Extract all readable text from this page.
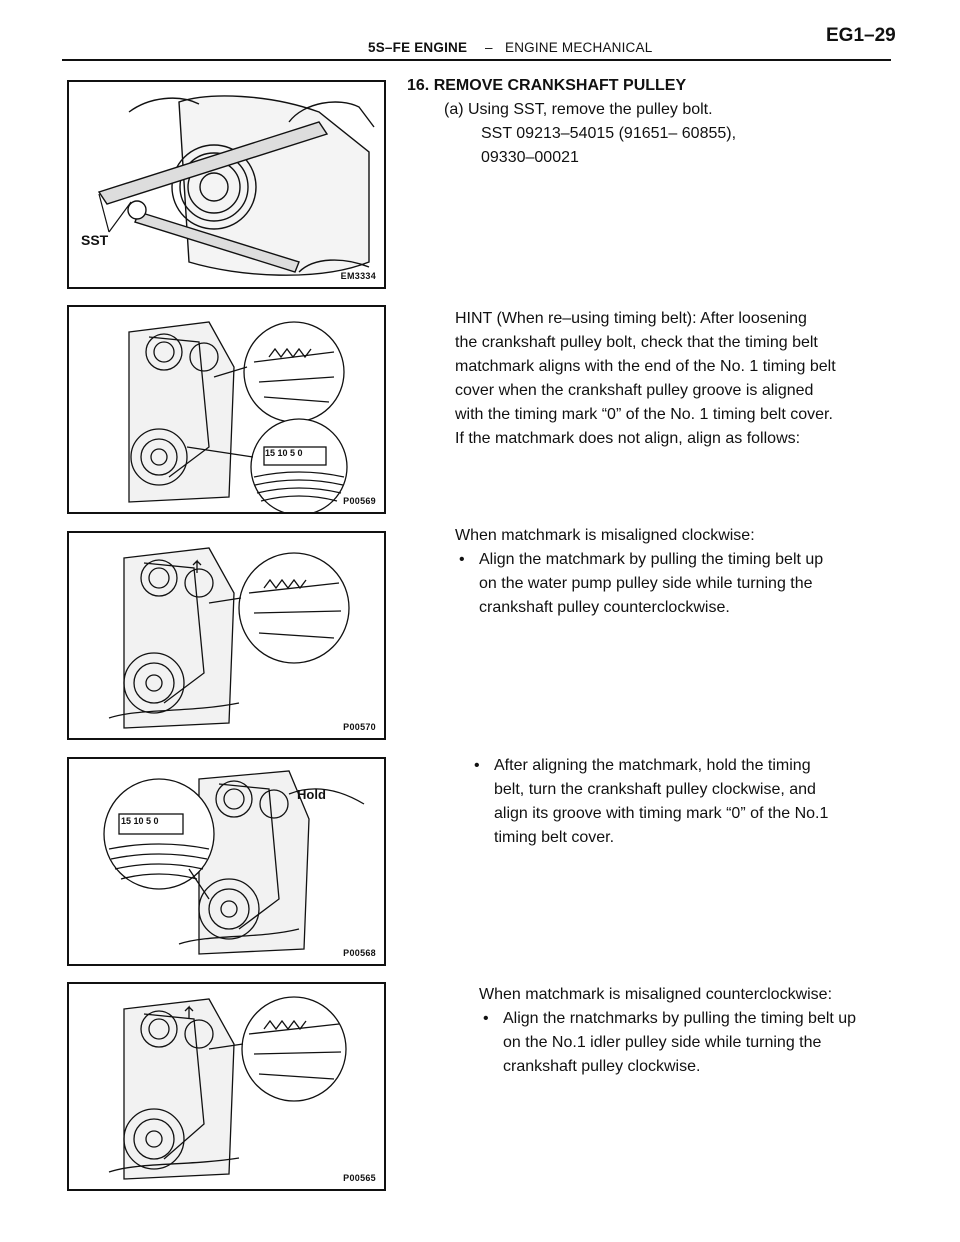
5S–FE ENGINE – ENGINE MECHANICAL
EG1–29
SST
EM3334
15 10 5 0
P00569
P00570
15 10 5 0
Hold
P00568
P00565

16. REMOVE CRANKSHAFT PULLEY

(a) Using SST, remove the pulley bolt.

SST 09213–54015 (91651– 60855),

09330–00021

HINT (When re–using timing belt): After loosening

the crankshaft pulley bolt, check that the timing belt

matchmark aligns with the end of the No. 1 timing belt

cover when the crankshaft pulley groove is aligned

with the timing mark “0” of the No. 1 timing belt cover.

If the matchmark does not align, align as follows:

When matchmark is misaligned clockwise:

• Align the matchmark by pulling the timing belt up

on the water pump pulley side while turning the

crankshaft pulley counterclockwise.

• After aligning the matchmark, hold the timing

belt, turn the crankshaft pulley clockwise, and

align its groove with timing mark “0” of the No.1

timing belt cover.

When matchmark is misaligned counterclockwise:

• Align the rnatchmarks by pulling the timing belt up

on the No.1 idler pulley side while turning the

crankshaft pulley clockwise.
